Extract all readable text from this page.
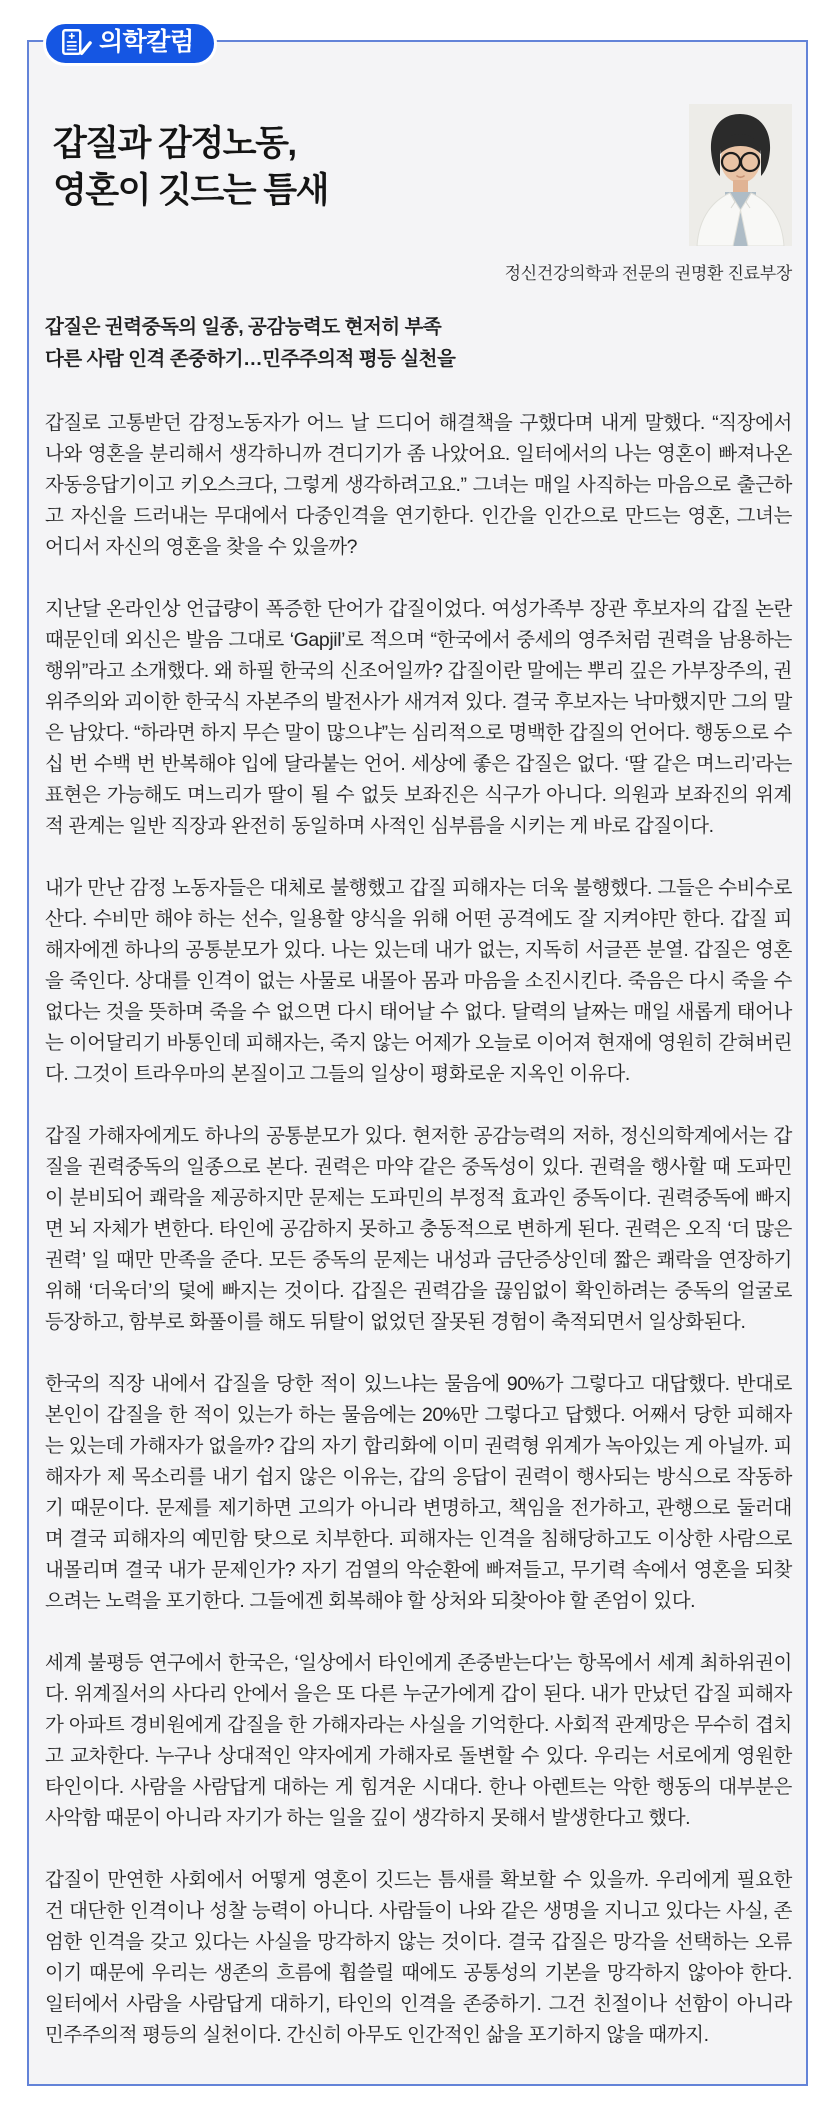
의학칼럼
갑질과 감정노동,
영혼이 깃드는 틈새
정신건강의학과 전문의 권명환 진료부장
갑질은 권력중독의 일종, 공감능력도 현저히 부족
다른 사람 인격 존중하기…민주주의적 평등 실천을

갑질로 고통받던 감정노동자가 어느 날 드디어 해결책을 구했다며 내게 말했다. “직장에서 나와 영혼을 분리해서 생각하니까 견디기가 좀 나았어요. 일터에서의 나는 영혼이 빠져나온 자동응답기이고 키오스크다, 그렇게 생각하려고요.” 그녀는 매일 사직하는 마음으로 출근하고 자신을 드러내는 무대에서 다중인격을 연기한다. 인간을 인간으로 만드는 영혼, 그녀는 어디서 자신의 영혼을 찾을 수 있을까?

지난달 온라인상 언급량이 폭증한 단어가 갑질이었다. 여성가족부 장관 후보자의 갑질 논란 때문인데 외신은 발음 그대로 ‘Gapjil’로 적으며 “한국에서 중세의 영주처럼 권력을 남용하는 행위”라고 소개했다. 왜 하필 한국의 신조어일까? 갑질이란 말에는 뿌리 깊은 가부장주의, 권위주의와 괴이한 한국식 자본주의 발전사가 새겨져 있다. 결국 후보자는 낙마했지만 그의 말은 남았다. “하라면 하지 무슨 말이 많으냐”는 심리적으로 명백한 갑질의 언어다. 행동으로 수십 번 수백 번 반복해야 입에 달라붙는 언어. 세상에 좋은 갑질은 없다. ‘딸 같은 며느리’라는 표현은 가능해도 며느리가 딸이 될 수 없듯 보좌진은 식구가 아니다. 의원과 보좌진의 위계적 관계는 일반 직장과 완전히 동일하며 사적인 심부름을 시키는 게 바로 갑질이다.

내가 만난 감정 노동자들은 대체로 불행했고 갑질 피해자는 더욱 불행했다. 그들은 수비수로 산다. 수비만 해야 하는 선수, 일용할 양식을 위해 어떤 공격에도 잘 지켜야만 한다. 갑질 피해자에겐 하나의 공통분모가 있다. 나는 있는데 내가 없는, 지독히 서글픈 분열. 갑질은 영혼을 죽인다. 상대를 인격이 없는 사물로 내몰아 몸과 마음을 소진시킨다. 죽음은 다시 죽을 수 없다는 것을 뜻하며 죽을 수 없으면 다시 태어날 수 없다. 달력의 날짜는 매일 새롭게 태어나는 이어달리기 바통인데 피해자는, 죽지 않는 어제가 오늘로 이어져 현재에 영원히 갇혀버린다. 그것이 트라우마의 본질이고 그들의 일상이 평화로운 지옥인 이유다.

갑질 가해자에게도 하나의 공통분모가 있다. 현저한 공감능력의 저하, 정신의학계에서는 갑질을 권력중독의 일종으로 본다. 권력은 마약 같은 중독성이 있다. 권력을 행사할 때 도파민이 분비되어 쾌락을 제공하지만 문제는 도파민의 부정적 효과인 중독이다. 권력중독에 빠지면 뇌 자체가 변한다. 타인에 공감하지 못하고 충동적으로 변하게 된다. 권력은 오직 ‘더 많은 권력’ 일 때만 만족을 준다. 모든 중독의 문제는 내성과 금단증상인데 짧은 쾌락을 연장하기 위해 ‘더욱더’의 덫에 빠지는 것이다. 갑질은 권력감을 끊임없이 확인하려는 중독의 얼굴로 등장하고, 함부로 화풀이를 해도 뒤탈이 없었던 잘못된 경험이 축적되면서 일상화된다.

한국의 직장 내에서 갑질을 당한 적이 있느냐는 물음에 90%가 그렇다고 대답했다. 반대로 본인이 갑질을 한 적이 있는가 하는 물음에는 20%만 그렇다고 답했다. 어째서 당한 피해자는 있는데 가해자가 없을까? 갑의 자기 합리화에 이미 권력형 위계가 녹아있는 게 아닐까. 피해자가 제 목소리를 내기 쉽지 않은 이유는, 갑의 응답이 권력이 행사되는 방식으로 작동하기 때문이다. 문제를 제기하면 고의가 아니라 변명하고, 책임을 전가하고, 관행으로 둘러대며 결국 피해자의 예민함 탓으로 치부한다. 피해자는 인격을 침해당하고도 이상한 사람으로 내몰리며 결국 내가 문제인가? 자기 검열의 악순환에 빠져들고, 무기력 속에서 영혼을 되찾으려는 노력을 포기한다. 그들에겐 회복해야 할 상처와 되찾아야 할 존엄이 있다.

세계 불평등 연구에서 한국은, ‘일상에서 타인에게 존중받는다’는 항목에서 세계 최하위권이다. 위계질서의 사다리 안에서 을은 또 다른 누군가에게 갑이 된다. 내가 만났던 갑질 피해자가 아파트 경비원에게 갑질을 한 가해자라는 사실을 기억한다. 사회적 관계망은 무수히 겹치고 교차한다. 누구나 상대적인 약자에게 가해자로 돌변할 수 있다. 우리는 서로에게 영원한 타인이다. 사람을 사람답게 대하는 게 힘겨운 시대다. 한나 아렌트는 악한 행동의 대부분은 사악함 때문이 아니라 자기가 하는 일을 깊이 생각하지 못해서 발생한다고 했다.

갑질이 만연한 사회에서 어떻게 영혼이 깃드는 틈새를 확보할 수 있을까. 우리에게 필요한 건 대단한 인격이나 성찰 능력이 아니다. 사람들이 나와 같은 생명을 지니고 있다는 사실, 존엄한 인격을 갖고 있다는 사실을 망각하지 않는 것이다. 결국 갑질은 망각을 선택하는 오류이기 때문에 우리는 생존의 흐름에 휩쓸릴 때에도 공통성의 기본을 망각하지 않아야 한다. 일터에서 사람을 사람답게 대하기, 타인의 인격을 존중하기. 그건 친절이나 선함이 아니라 민주주의적 평등의 실천이다. 간신히 아무도 인간적인 삶을 포기하지 않을 때까지.
